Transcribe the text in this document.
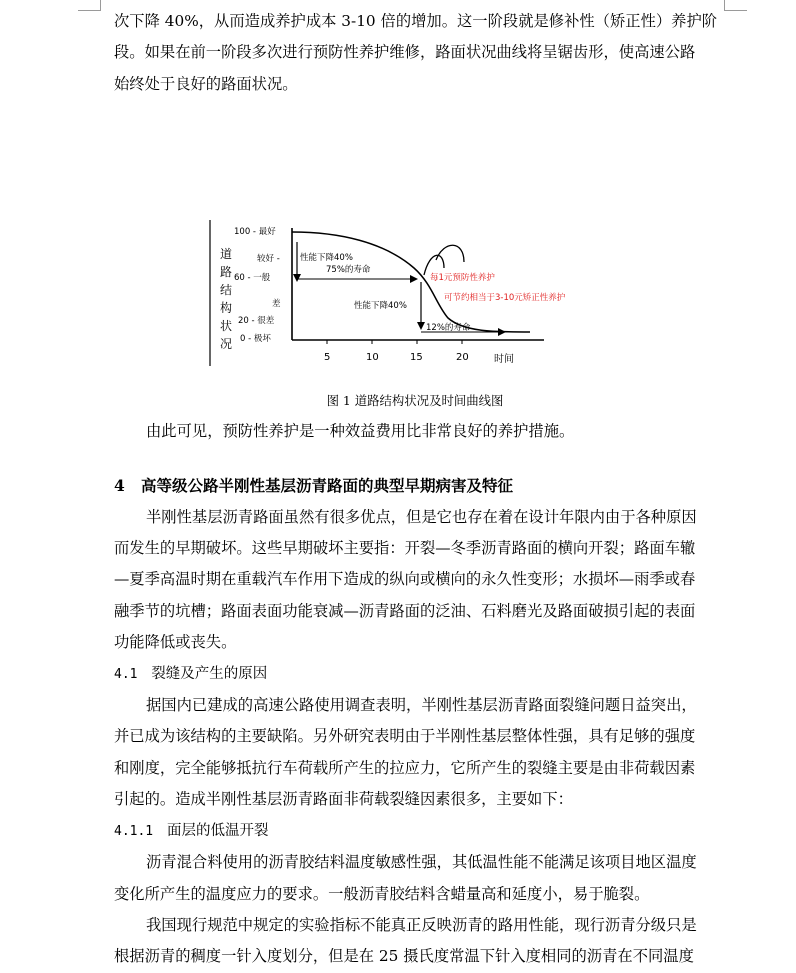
次下降 40%，从而造成养护成本 3-10 倍的增加。这一阶段就是修补性（矫正性）养护阶

段。如果在前一阶段多次进行预防性养护维修，路面状况曲线将呈锯齿形，使高速公路

始终处于良好的路面状况。

道
路
结
构
状
况
100 - 最好
较好 -
60 - 一般
差
20 - 很差
0 - 极坏
5	10	15	20	时间
性能下降40%
75%的寿命
性能下降40%
12%的寿命
每1元预防性养护
可节约相当于3-10元矫正性养护
图 1 道路结构状况及时间曲线图

由此可见，预防性养护是一种效益费用比非常良好的养护措施。

4 高等级公路半刚性基层沥青路面的典型早期病害及特征

半刚性基层沥青路面虽然有很多优点，但是它也存在着在设计年限内由于各种原因

而发生的早期破坏。这些早期破坏主要指：开裂—冬季沥青路面的横向开裂；路面车辙

—夏季高温时期在重载汽车作用下造成的纵向或横向的永久性变形；水损坏—雨季或春

融季节的坑槽；路面表面功能衰减—沥青路面的泛油、石料磨光及路面破损引起的表面

功能降低或丧失。

4.1 裂缝及产生的原因

据国内已建成的高速公路使用调查表明，半刚性基层沥青路面裂缝问题日益突出，

并已成为该结构的主要缺陷。另外研究表明由于半刚性基层整体性强，具有足够的强度

和刚度，完全能够抵抗行车荷载所产生的拉应力，它所产生的裂缝主要是由非荷载因素

引起的。造成半刚性基层沥青路面非荷载裂缝因素很多，主要如下：

4.1.1 面层的低温开裂

沥青混合料使用的沥青胶结料温度敏感性强，其低温性能不能满足该项目地区温度

变化所产生的温度应力的要求。一般沥青胶结料含蜡量高和延度小，易于脆裂。

我国现行规范中规定的实验指标不能真正反映沥青的路用性能，现行沥青分级只是

根据沥青的稠度一针入度划分，但是在 25 摄氏度常温下针入度相同的沥青在不同温度
